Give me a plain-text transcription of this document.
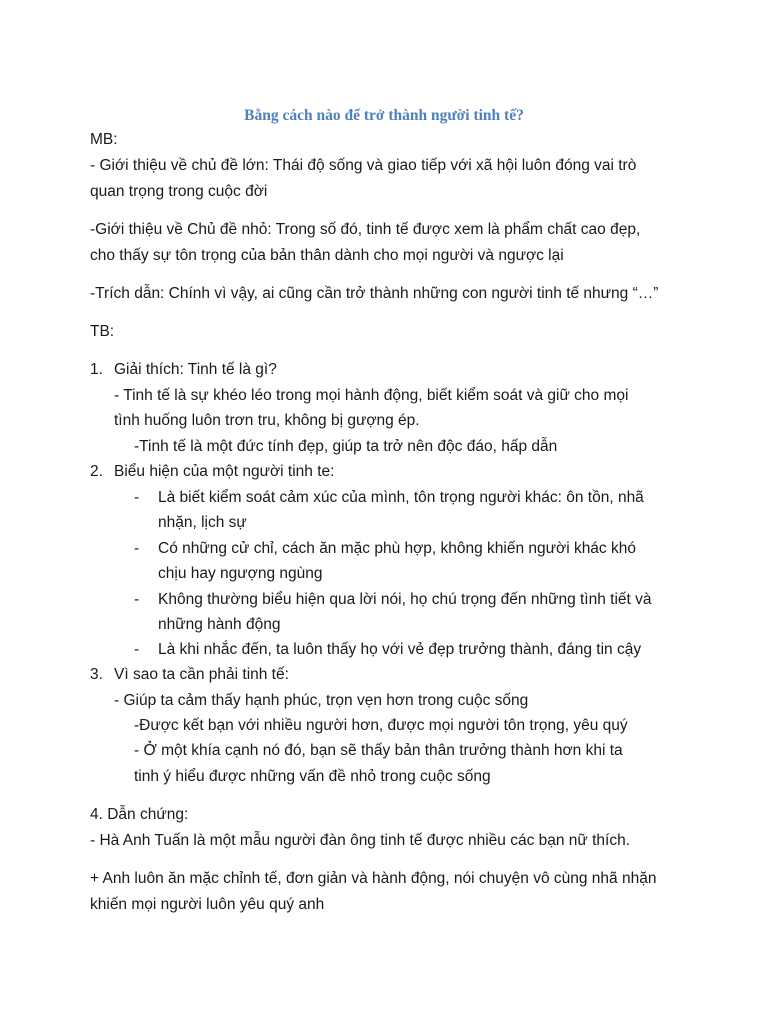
Bằng cách nào để trở thành người tinh tế?
MB:
- Giới thiệu về chủ đề lớn: Thái độ sống và giao tiếp với xã hội luôn đóng vai trò
quan trọng trong cuộc đời
-Giới thiệu về Chủ đề nhỏ: Trong số đó, tinh tế được xem là phẩm chất cao đẹp,
cho thấy sự tôn trọng của bản thân dành cho mọi người và ngược lại
-Trích dẫn: Chính vì vậy, ai cũng cần trở thành những con người tinh tế nhưng “…”
TB:
1. Giải thích: Tinh tế là gì?
- Tinh tế là sự khéo léo trong mọi hành động, biết kiểm soát và giữ cho mọi
tình huống luôn trơn tru, không bị gượng ép.
-Tinh tế là một đức tính đẹp, giúp ta trở nên độc đáo, hấp dẫn
2. Biểu hiện của một người tinh te:
- Là biết kiểm soát cảm xúc của mình, tôn trọng người khác: ôn tồn, nhã
nhặn, lịch sự
- Có những cử chỉ, cách ăn mặc phù hợp, không khiến người khác khó
chịu hay ngượng ngùng
- Không thường biểu hiện qua lời nói, họ chú trọng đến những tình tiết và
những hành động
- Là khi nhắc đến, ta luôn thấy họ với vẻ đẹp trưởng thành, đáng tin cậy
3. Vì sao ta cần phải tinh tế:
- Giúp ta cảm thấy hạnh phúc, trọn vẹn hơn trong cuộc sống
-Được kết bạn với nhiều người hơn, được mọi người tôn trọng, yêu quý
- Ở một khía cạnh nó đó, bạn sẽ thấy bản thân trưởng thành hơn khi ta
tinh ý hiểu được những vấn đề nhỏ trong cuộc sống
4. Dẫn chứng:
- Hà Anh Tuấn là một mẫu người đàn ông tinh tế được nhiều các bạn nữ thích.
+ Anh luôn ăn mặc chỉnh tế, đơn giản và hành động, nói chuyện vô cùng nhã nhặn
khiến mọi người luôn yêu quý anh
